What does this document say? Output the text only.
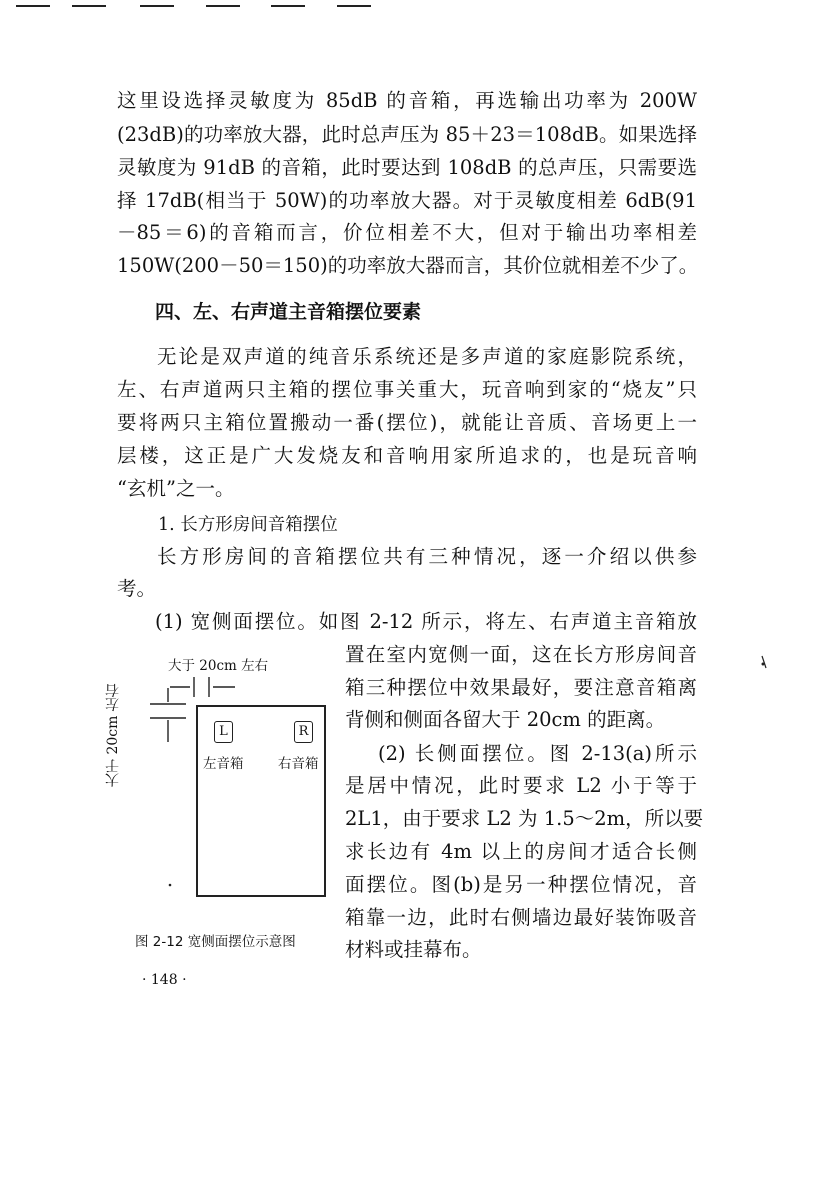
这里设选择灵敏度为 85dB 的音箱，再选输出功率为 200W
(23dB)的功率放大器，此时总声压为 85＋23＝108dB。如果选择
灵敏度为 91dB 的音箱，此时要达到 108dB 的总声压，只需要选
择 17dB(相当于 50W)的功率放大器。对于灵敏度相差 6dB(91
－85＝6)的音箱而言，价位相差不大，但对于输出功率相差
150W(200－50＝150)的功率放大器而言，其价位就相差不少了。
四、左、右声道主音箱摆位要素
无论是双声道的纯音乐系统还是多声道的家庭影院系统，
左、右声道两只主箱的摆位事关重大，玩音响到家的“烧友”只
要将两只主箱位置搬动一番(摆位)，就能让音质、音场更上一
层楼，这正是广大发烧友和音响用家所追求的，也是玩音响
“玄机”之一。
1. 长方形房间音箱摆位
长方形房间的音箱摆位共有三种情况，逐一介绍以供参
考。
(1) 宽侧面摆位。如图 2-12 所示，将左、右声道主音箱放
置在室内宽侧一面，这在长方形房间音
箱三种摆位中效果最好，要注意音箱离
背侧和侧面各留大于 20cm 的距离。
(2) 长侧面摆位。图 2-13(a)所示
是居中情况，此时要求 L2 小于等于
2L1，由于要求 L2 为 1.5～2m，所以要
求长边有 4m 以上的房间才适合长侧
面摆位。图(b)是另一种摆位情况，音
箱靠一边，此时右侧墙边最好装饰吸音
材料或挂幕布。
大于 20cm 左右
大于 20cm 左右	L	R
左音箱	右音箱
图 2-12 宽侧面摆位示意图
· 148 ·
